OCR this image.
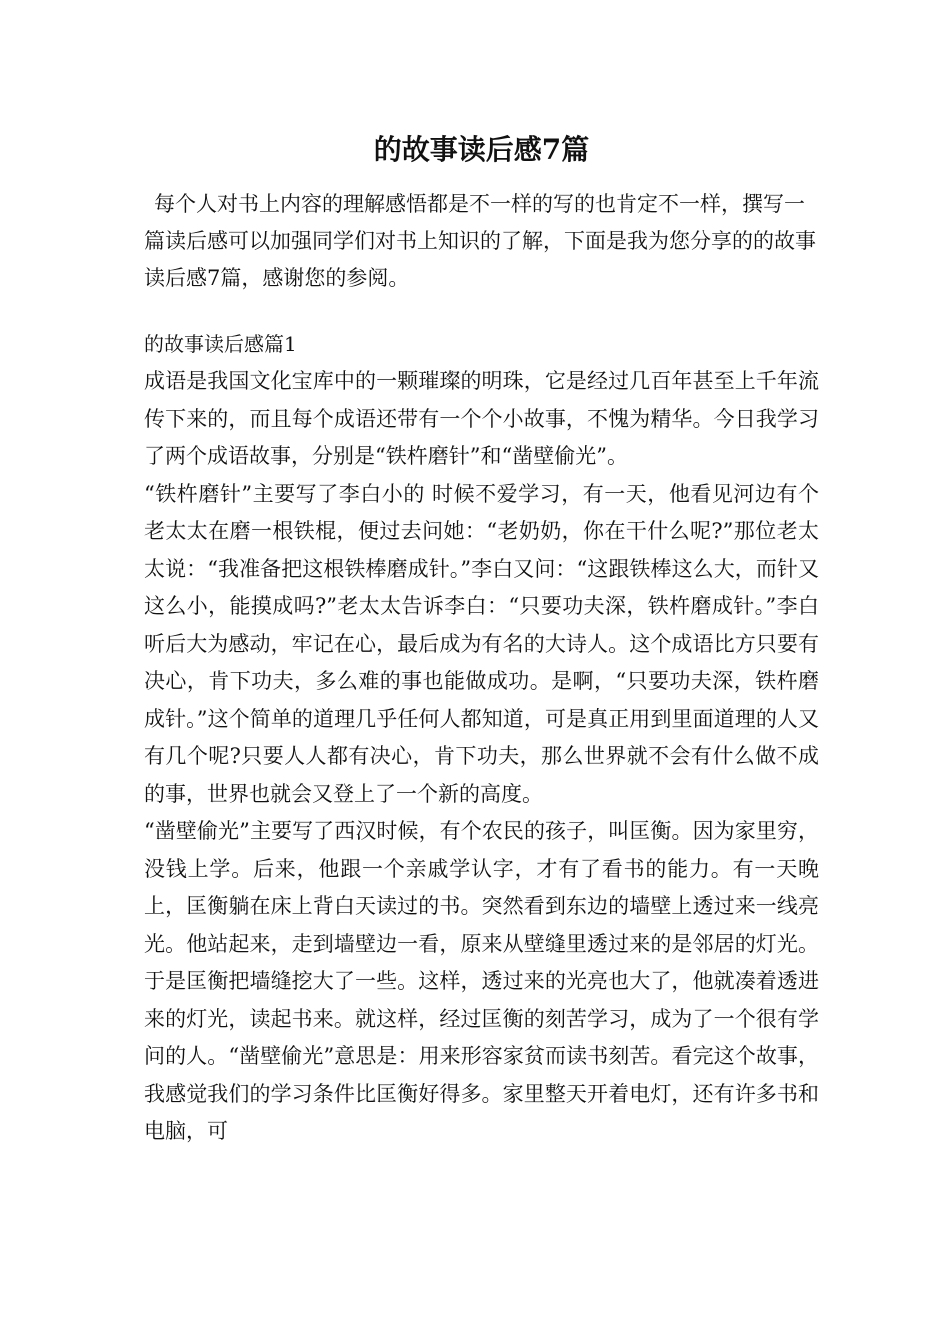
的故事读后感7篇

每个人对书上内容的理解感悟都是不一样的写的也肯定不一样，撰写一篇读后感可以加强同学们对书上知识的了解，下面是我为您分享的的故事读后感7篇，感谢您的参阅。

的故事读后感篇1

成语是我国文化宝库中的一颗璀璨的明珠，它是经过几百年甚至上千年流传下来的，而且每个成语还带有一个个小故事，不愧为精华。今日我学习了两个成语故事，分别是“铁杵磨针”和“凿壁偷光”。

“铁杵磨针”主要写了李白小的 时候不爱学习，有一天，他看见河边有个老太太在磨一根铁棍，便过去问她：“老奶奶，你在干什么呢?”那位老太太说：“我准备把这根铁棒磨成针。”李白又问：“这跟铁棒这么大，而针又这么小，能摸成吗?”老太太告诉李白：“只要功夫深，铁杵磨成针。”李白听后大为感动，牢记在心，最后成为有名的大诗人。这个成语比方只要有决心，肯下功夫，多么难的事也能做成功。是啊，“只要功夫深，铁杵磨成针。”这个简单的道理几乎任何人都知道，可是真正用到里面道理的人又有几个呢?只要人人都有决心，肯下功夫，那么世界就不会有什么做不成的事，世界也就会又登上了一个新的高度。

“凿壁偷光”主要写了西汉时候，有个农民的孩子，叫匡衡。因为家里穷，没钱上学。后来，他跟一个亲戚学认字，才有了看书的能力。有一天晚上，匡衡躺在床上背白天读过的书。突然看到东边的墙壁上透过来一线亮光。他站起来，走到墙壁边一看，原来从壁缝里透过来的是邻居的灯光。于是匡衡把墙缝挖大了一些。这样，透过来的光亮也大了，他就凑着透进来的灯光，读起书来。就这样，经过匡衡的刻苦学习，成为了一个很有学问的人。“凿壁偷光”意思是：用来形容家贫而读书刻苦。看完这个故事，我感觉我们的学习条件比匡衡好得多。家里整天开着电灯，还有许多书和电脑，可
